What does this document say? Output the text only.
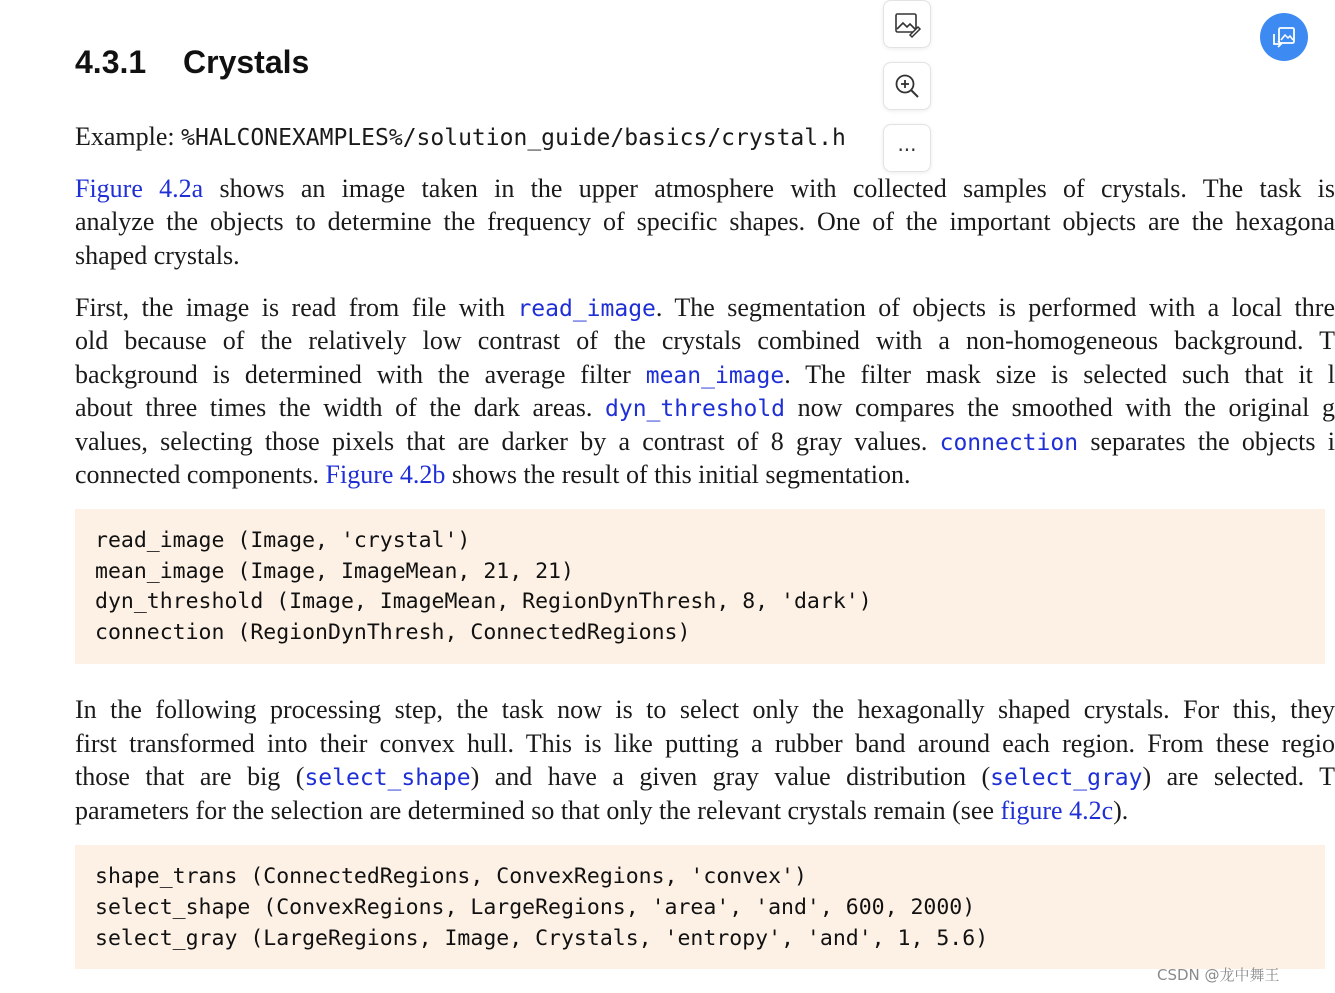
4.3.1 Crystals
Example: %HALCONEXAMPLES%/solution_guide/basics/crystal.h
Figure 4.2a shows an image taken in the upper atmosphere with collected samples of crystals. The task is
analyze the objects to determine the frequency of specific shapes. One of the important objects are the hexagona
shaped crystals.
First, the image is read from file with read_image. The segmentation of objects is performed with a local thre
old because of the relatively low contrast of the crystals combined with a non-homogeneous background. T
background is determined with the average filter mean_image. The filter mask size is selected such that it l
about three times the width of the dark areas. dyn_threshold now compares the smoothed with the original g
values, selecting those pixels that are darker by a contrast of 8 gray values. connection separates the objects i
connected components. Figure 4.2b shows the result of this initial segmentation.
read_image (Image, 'crystal')
mean_image (Image, ImageMean, 21, 21)
dyn_threshold (Image, ImageMean, RegionDynThresh, 8, 'dark')
connection (RegionDynThresh, ConnectedRegions)
In the following processing step, the task now is to select only the hexagonally shaped crystals. For this, they
first transformed into their convex hull. This is like putting a rubber band around each region. From these regio
those that are big (select_shape) and have a given gray value distribution (select_gray) are selected. T
parameters for the selection are determined so that only the relevant crystals remain (see figure 4.2c).
shape_trans (ConnectedRegions, ConvexRegions, 'convex')
select_shape (ConvexRegions, LargeRegions, 'area', 'and', 600, 2000)
select_gray (LargeRegions, Image, Crystals, 'entropy', 'and', 1, 5.6)
...
CSDN @龙中舞王
